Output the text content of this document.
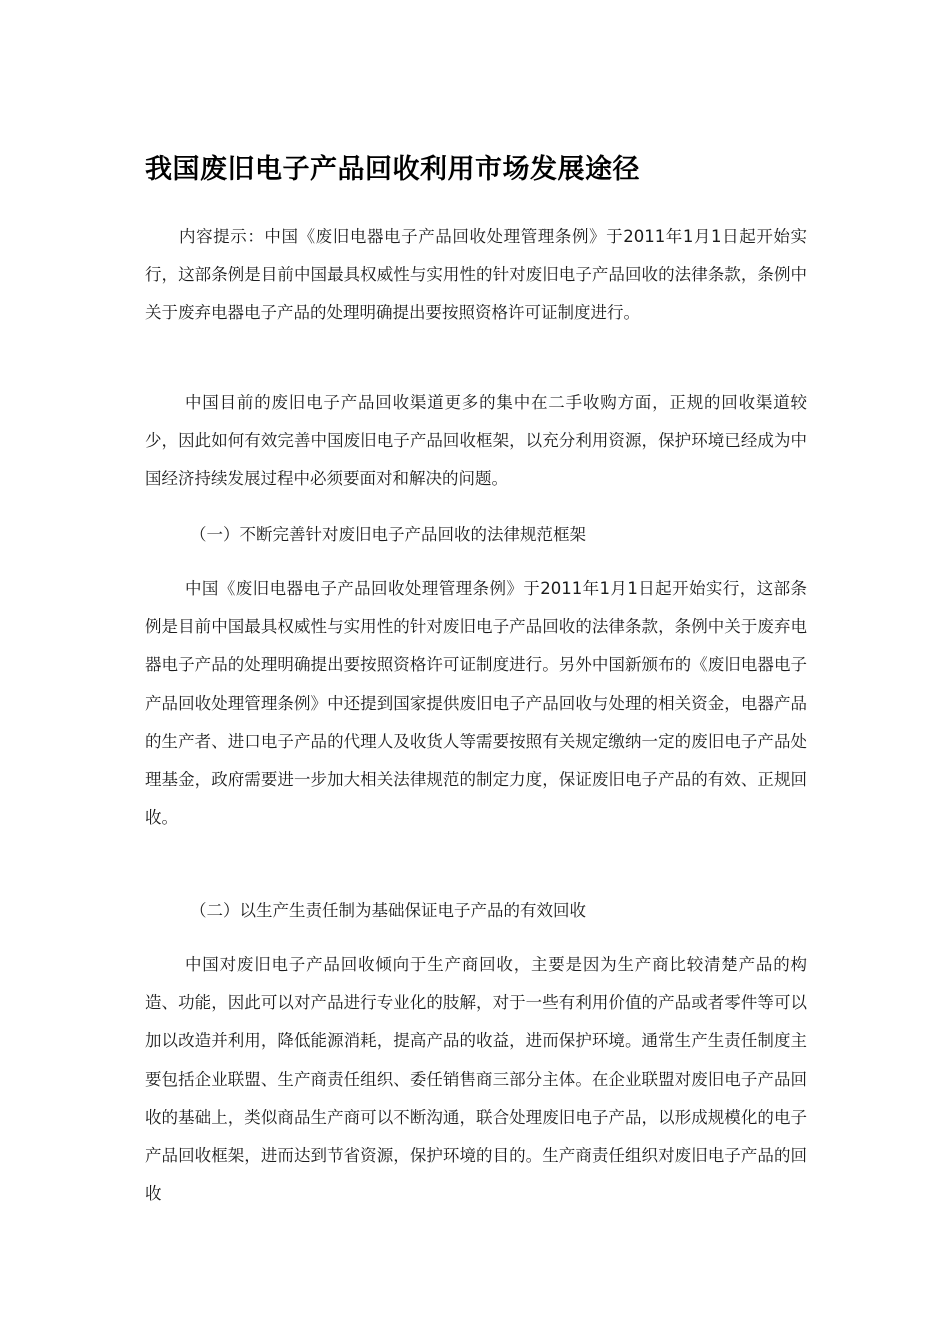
我国废旧电子产品回收利用市场发展途径

内容提示：中国《废旧电器电子产品回收处理管理条例》于2011年1月1日起开始实行，这部条例是目前中国最具权威性与实用性的针对废旧电子产品回收的法律条款，条例中关于废弃电器电子产品的处理明确提出要按照资格许可证制度进行。

中国目前的废旧电子产品回收渠道更多的集中在二手收购方面，正规的回收渠道较少，因此如何有效完善中国废旧电子产品回收框架，以充分利用资源，保护环境已经成为中国经济持续发展过程中必须要面对和解决的问题。

（一）不断完善针对废旧电子产品回收的法律规范框架

中国《废旧电器电子产品回收处理管理条例》于2011年1月1日起开始实行，这部条例是目前中国最具权威性与实用性的针对废旧电子产品回收的法律条款，条例中关于废弃电器电子产品的处理明确提出要按照资格许可证制度进行。另外中国新颁布的《废旧电器电子产品回收处理管理条例》中还提到国家提供废旧电子产品回收与处理的相关资金，电器产品的生产者、进口电子产品的代理人及收货人等需要按照有关规定缴纳一定的废旧电子产品处理基金，政府需要进一步加大相关法律规范的制定力度，保证废旧电子产品的有效、正规回收。

（二）以生产生责任制为基础保证电子产品的有效回收

中国对废旧电子产品回收倾向于生产商回收，主要是因为生产商比较清楚产品的构造、功能，因此可以对产品进行专业化的肢解，对于一些有利用价值的产品或者零件等可以加以改造并利用，降低能源消耗，提高产品的收益，进而保护环境。通常生产生责任制度主要包括企业联盟、生产商责任组织、委任销售商三部分主体。在企业联盟对废旧电子产品回收的基础上，类似商品生产商可以不断沟通，联合处理废旧电子产品，以形成规模化的电子产品回收框架，进而达到节省资源，保护环境的目的。生产商责任组织对废旧电子产品的回收
